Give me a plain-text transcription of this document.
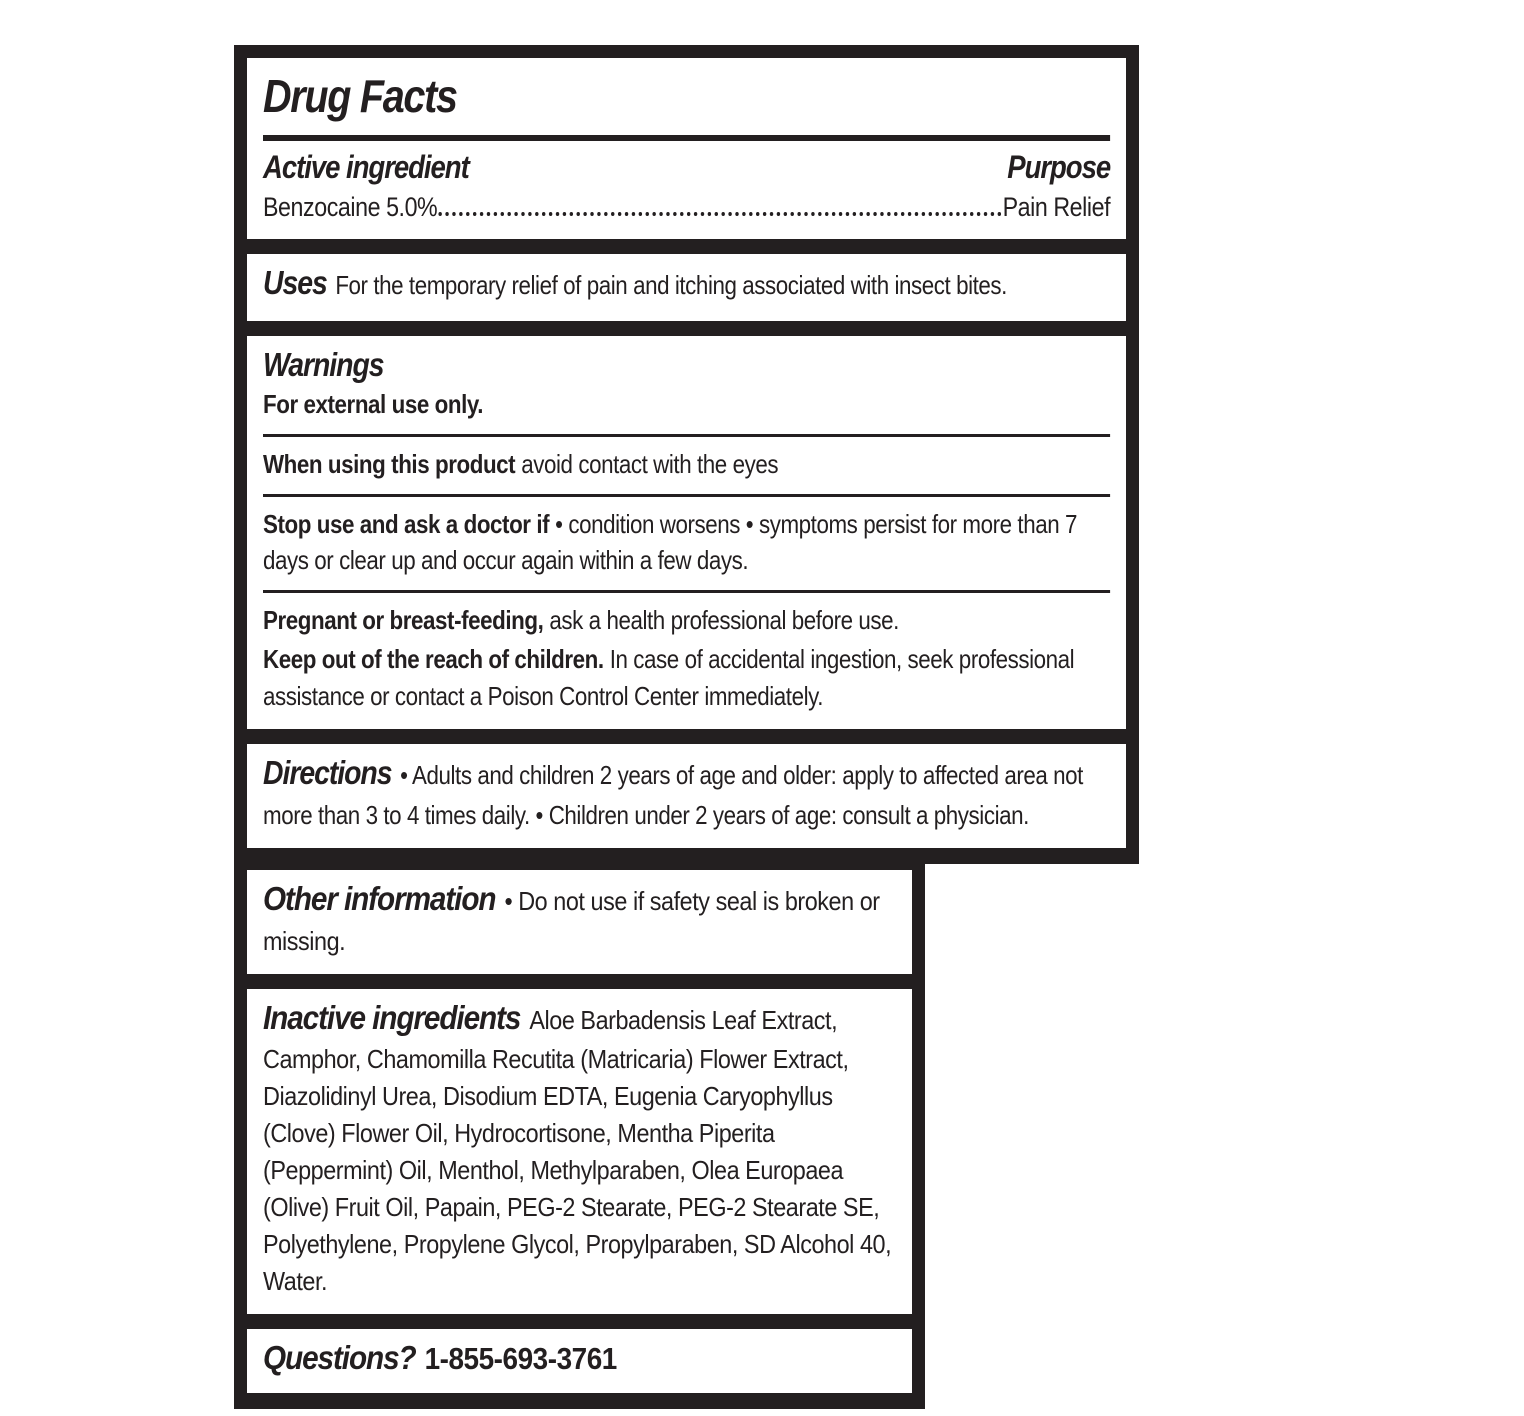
Drug Facts
Active ingredient	Purpose
Benzocaine 5.0%	Pain Relief

Uses For the temporary relief of pain and itching associated with insect bites.

Warnings

For external use only.

When using this product avoid contact with the eyes

Stop use and ask a doctor if • condition worsens • symptoms persist for more than 7 days or clear up and occur again within a few days.

Pregnant or breast-feeding, ask a health professional before use.

Keep out of the reach of children. In case of accidental ingestion, seek professional assistance or contact a Poison Control Center immediately.

Directions • Adults and children 2 years of age and older: apply to affected area not more than 3 to 4 times daily. • Children under 2 years of age: consult a physician.

Other information • Do not use if safety seal is broken or missing.

Inactive ingredients Aloe Barbadensis Leaf Extract, Camphor, Chamomilla Recutita (Matricaria) Flower Extract, Diazolidinyl Urea, Disodium EDTA, Eugenia Caryophyllus (Clove) Flower Oil, Hydrocortisone, Mentha Piperita (Peppermint) Oil, Menthol, Methylparaben, Olea Europaea (Olive) Fruit Oil, Papain, PEG-2 Stearate, PEG-2 Stearate SE, Polyethylene, Propylene Glycol, Propylparaben, SD Alcohol 40, Water.

Questions? 1-855-693-3761
